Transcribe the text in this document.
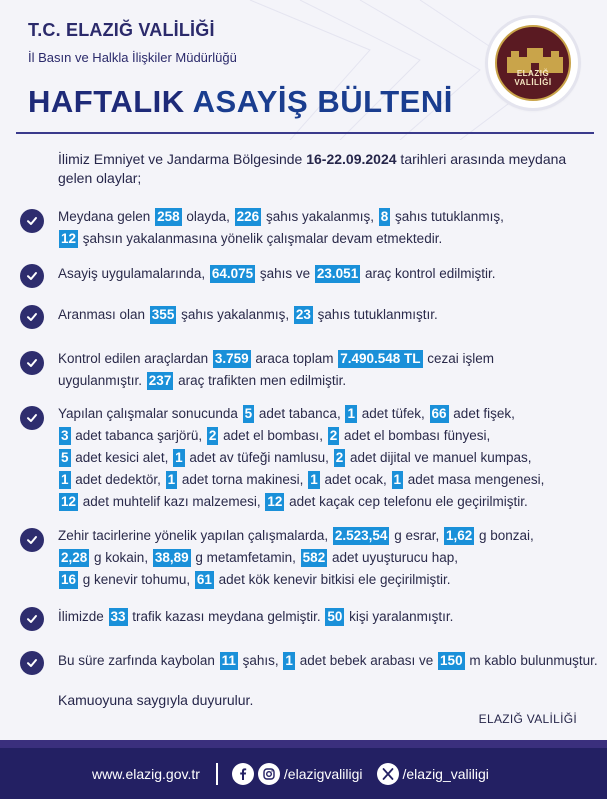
T.C. ELAZIĞ VALİLİĞİ
İl Basın ve Halkla İlişkiler Müdürlüğü
HAFTALIK ASAYİŞ BÜLTENİ
ELAZIĞ VALİLİĞİ
İlimiz Emniyet ve Jandarma Bölgesinde 16-22.09.2024 tarihleri arasında meydana
gelen olaylar;
Meydana gelen 258 olayda, 226 şahıs yakalanmış, 8 şahıs tutuklanmış,
12 şahsın yakalanmasına yönelik çalışmalar devam etmektedir.
Asayiş uygulamalarında, 64.075 şahıs ve 23.051 araç kontrol edilmiştir.
Aranması olan 355 şahıs yakalanmış, 23 şahıs tutuklanmıştır.
Kontrol edilen araçlardan 3.759 araca toplam 7.490.548 TL cezai işlem
uygulanmıştır. 237 araç trafikten men edilmiştir.
Yapılan çalışmalar sonucunda 5 adet tabanca, 1 adet tüfek, 66 adet fişek,
3 adet tabanca şarjörü, 2 adet el bombası, 2 adet el bombası fünyesi,
5 adet kesici alet, 1 adet av tüfeği namlusu, 2 adet dijital ve manuel kumpas,
1 adet dedektör, 1 adet torna makinesi, 1 adet ocak, 1 adet masa mengenesi,
12 adet muhtelif kazı malzemesi, 12 adet kaçak cep telefonu ele geçirilmiştir.
Zehir tacirlerine yönelik yapılan çalışmalarda, 2.523,54 g esrar, 1,62 g bonzai,
2,28 g kokain, 38,89 g metamfetamin, 582 adet uyuşturucu hap,
16 g kenevir tohumu, 61 adet kök kenevir bitkisi ele geçirilmiştir.
İlimizde 33 trafik kazası meydana gelmiştir. 50 kişi yaralanmıştır.
Bu süre zarfında kaybolan 11 şahıs, 1 adet bebek arabası ve 150 m kablo bulunmuştur.
Kamuoyuna saygıyla duyurulur.
ELAZIĞ VALİLİĞİ
www.elazig.gov.tr	/elazigvaliligi	/elazig_valiligi
